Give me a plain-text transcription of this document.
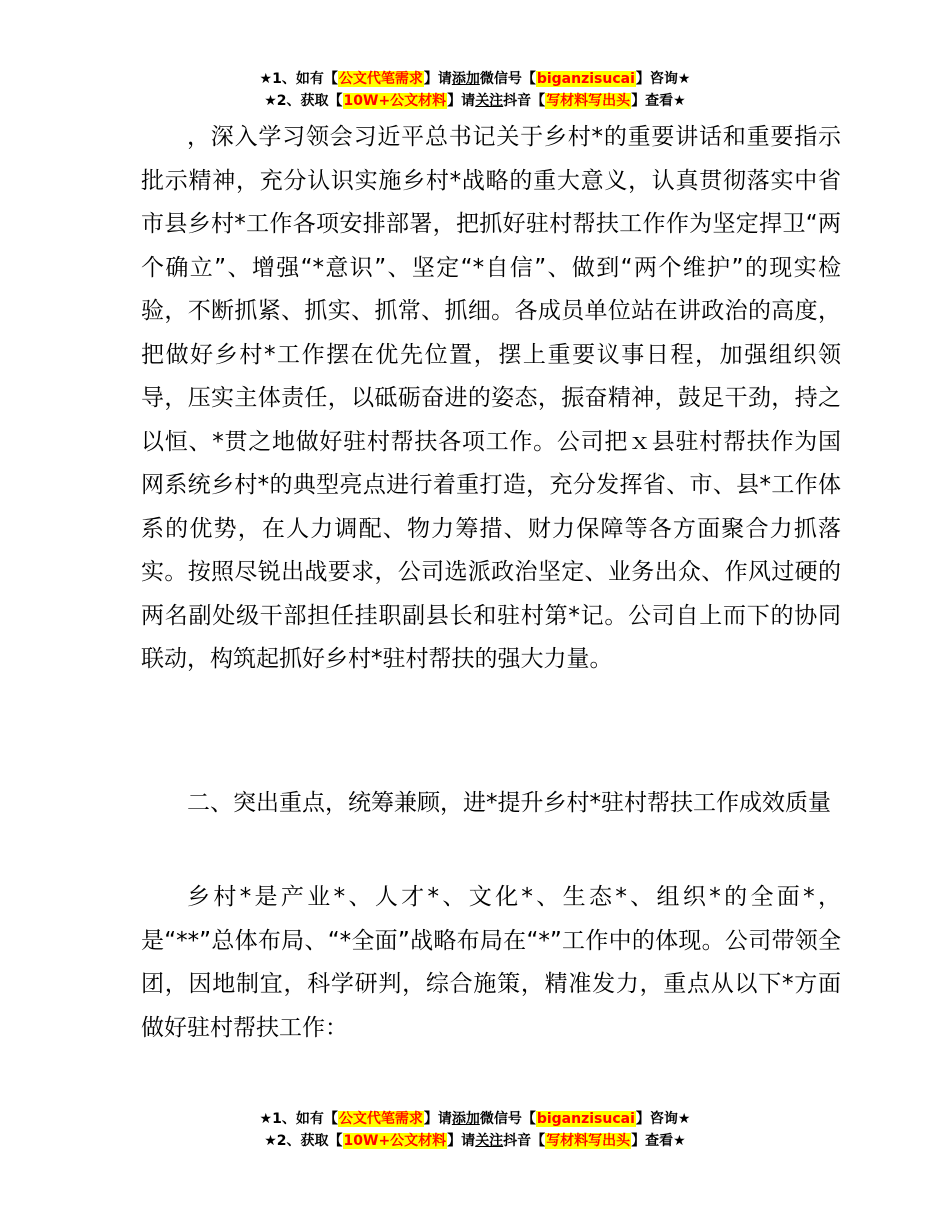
★1、如有【公文代笔需求】请添加微信号【biganzisucai】咨询★
★2、获取【10W+公文材料】请关注抖音【写材料写出头】查看★

，深入学习领会习近平总书记关于乡村*的重要讲话和重要指示批示精神，充分认识实施乡村*战略的重大意义，认真贯彻落实中省市县乡村*工作各项安排部署，把抓好驻村帮扶工作作为坚定捍卫“两个确立”、增强“*意识”、坚定“*自信”、做到“两个维护”的现实检验，不断抓紧、抓实、抓常、抓细。各成员单位站在讲政治的高度，把做好乡村*工作摆在优先位置，摆上重要议事日程，加强组织领导，压实主体责任，以砥砺奋进的姿态，振奋精神，鼓足干劲，持之以恒、*贯之地做好驻村帮扶各项工作。公司把ｘ县驻村帮扶作为国网系统乡村*的典型亮点进行着重打造，充分发挥省、市、县*工作体系的优势，在人力调配、物力筹措、财力保障等各方面聚合力抓落实。按照尽锐出战要求，公司选派政治坚定、业务出众、作风过硬的两名副处级干部担任挂职副县长和驻村第*记。公司自上而下的协同联动，构筑起抓好乡村*驻村帮扶的强大力量。

二、突出重点，统筹兼顾，进*提升乡村*驻村帮扶工作成效质量

乡村*是产业*、人才*、文化*、生态*、组织*的全面*，是“**”总体布局、“*全面”战略布局在“*”工作中的体现。公司带领全团，因地制宜，科学研判，综合施策，精准发力，重点从以下*方面做好驻村帮扶工作：

★1、如有【公文代笔需求】请添加微信号【biganzisucai】咨询★
★2、获取【10W+公文材料】请关注抖音【写材料写出头】查看★
